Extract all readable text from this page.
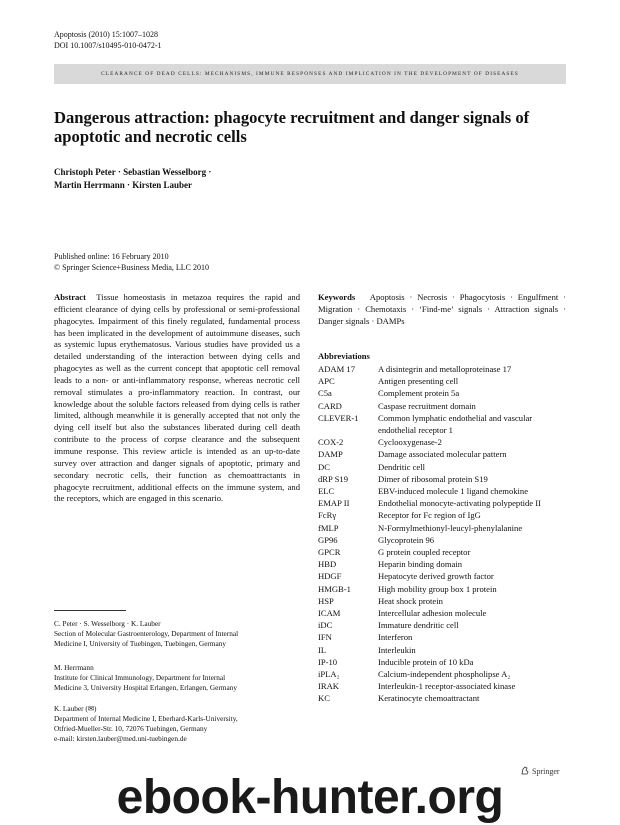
Apoptosis (2010) 15:1007–1028
DOI 10.1007/s10495-010-0472-1
CLEARANCE OF DEAD CELLS: MECHANISMS, IMMUNE RESPONSES AND IMPLICATION IN THE DEVELOPMENT OF DISEASES
Dangerous attraction: phagocyte recruitment and danger signals of apoptotic and necrotic cells
Christoph Peter · Sebastian Wesselborg ·
Martin Herrmann · Kirsten Lauber
Published online: 16 February 2010
© Springer Science+Business Media, LLC 2010
Abstract Tissue homeostasis in metazoa requires the rapid and efficient clearance of dying cells by professional or semi-professional phagocytes. Impairment of this finely regulated, fundamental process has been implicated in the development of autoimmune diseases, such as systemic lupus erythematosus. Various studies have provided us a detailed understanding of the interaction between dying cells and phagocytes as well as the current concept that apoptotic cell removal leads to a non- or anti-inflammatory response, whereas necrotic cell removal stimulates a pro-inflammatory reaction. In contrast, our knowledge about the soluble factors released from dying cells is rather limited, although meanwhile it is generally accepted that not only the dying cell itself but also the substances liberated during cell death contribute to the process of corpse clearance and the subsequent immune response. This review article is intended as an up-to-date survey over attraction and danger signals of apoptotic, primary and secondary necrotic cells, their function as chemoattractants in phagocyte recruitment, additional effects on the immune system, and the receptors, which are engaged in this scenario.
C. Peter · S. Wesselborg · K. Lauber
Section of Molecular Gastroenterology, Department of Internal
Medicine I, University of Tuebingen, Tuebingen, Germany
M. Herrmann
Institute for Clinical Immunology, Department for Internal
Medicine 3, University Hospital Erlangen, Erlangen, Germany
K. Lauber (✉)
Department of Internal Medicine I, Eberhard-Karls-University,
Otfried-Mueller-Str. 10, 72076 Tuebingen, Germany
e-mail: kirsten.lauber@med.uni-tuebingen.de
Keywords Apoptosis · Necrosis · Phagocytosis · Engulfment · Migration · Chemotaxis · ‘Find-me’ signals · Attraction signals · Danger signals · DAMPs
Abbreviations
ADAM 17	A disintegrin and metalloproteinase 17
APC	Antigen presenting cell
C5a	Complement protein 5a
CARD	Caspase recruitment domain
CLEVER-1	Common lymphatic endothelial and vascular endothelial receptor 1
COX-2	Cyclooxygenase-2
DAMP	Damage associated molecular pattern
DC	Dendritic cell
dRP S19	Dimer of ribosomal protein S19
ELC	EBV-induced molecule 1 ligand chemokine
EMAP II	Endothelial monocyte-activating polypeptide II
FcRγ	Receptor for Fc region of IgG
fMLP	N-Formylmethionyl-leucyl-phenylalanine
GP96	Glycoprotein 96
GPCR	G protein coupled receptor
HBD	Heparin binding domain
HDGF	Hepatocyte derived growth factor
HMGB-1	High mobility group box 1 protein
HSP	Heat shock protein
ICAM	Intercellular adhesion molecule
iDC	Immature dendritic cell
IFN	Interferon
IL	Interleukin
IP-10	Inducible protein of 10 kDa
iPLA₂	Calcium-independent phospholipse A₂
IRAK	Interleukin-1 receptor-associated kinase
KC	Keratinocyte chemoattractant
Springer
ebook-hunter.org
